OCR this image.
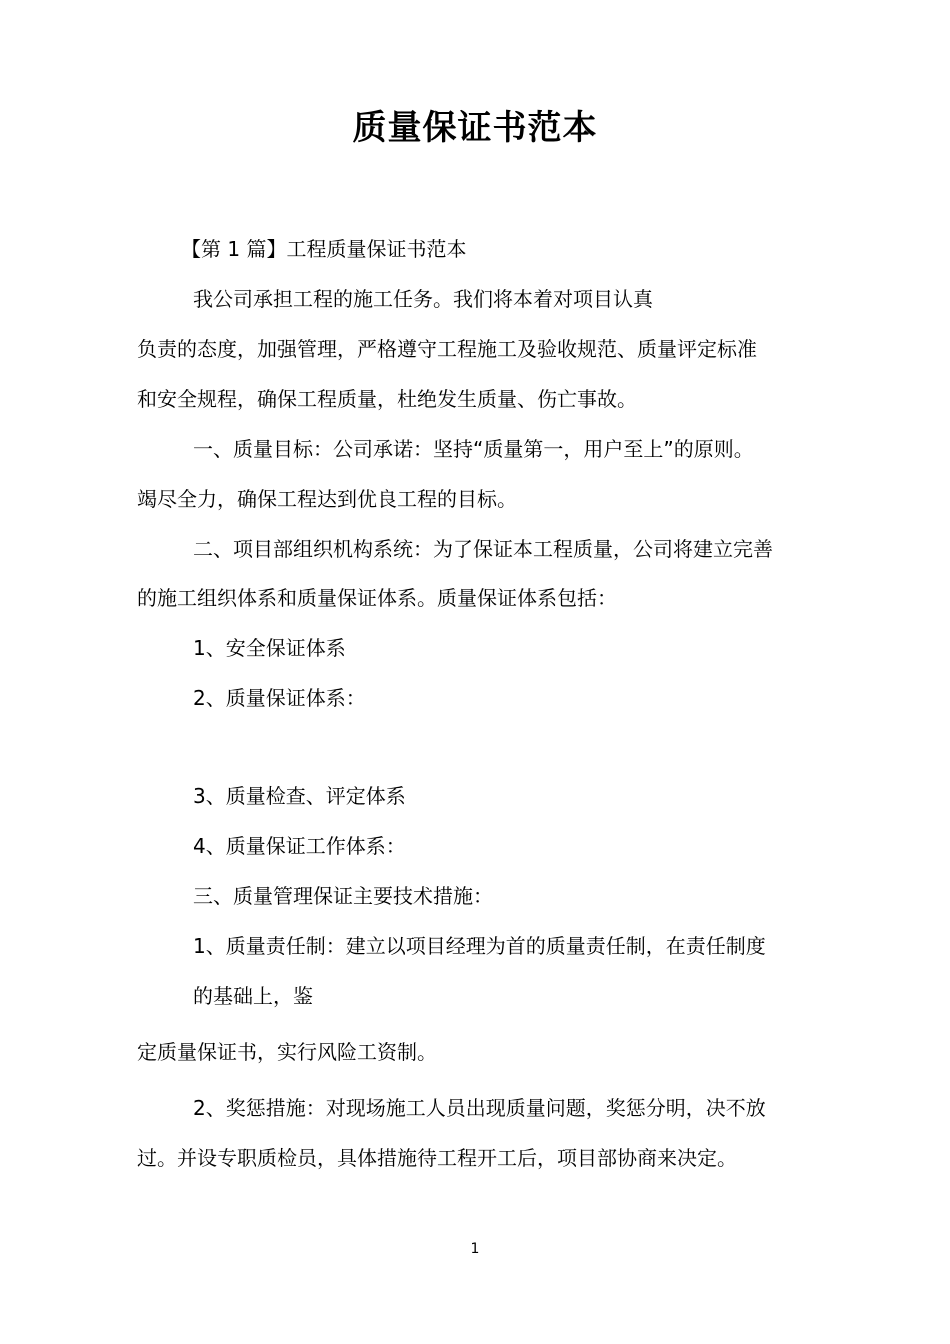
质量保证书范本

【第 1 篇】工程质量保证书范本

我公司承担工程的施工任务。我们将本着对项目认真

负责的态度，加强管理，严格遵守工程施工及验收规范、质量评定标准

和安全规程，确保工程质量，杜绝发生质量、伤亡事故。

一、质量目标：公司承诺：坚持“质量第一，用户至上”的原则。

竭尽全力，确保工程达到优良工程的目标。

二、项目部组织机构系统：为了保证本工程质量，公司将建立完善

的施工组织体系和质量保证体系。质量保证体系包括：

1、安全保证体系

2、质量保证体系：

3、质量检查、评定体系

4、质量保证工作体系：

三、质量管理保证主要技术措施：

1、质量责任制：建立以项目经理为首的质量责任制，在责任制度

的基础上，鉴

定质量保证书，实行风险工资制。

2、奖惩措施：对现场施工人员出现质量问题，奖惩分明，决不放

过。并设专职质检员，具体措施待工程开工后，项目部协商来决定。

1
